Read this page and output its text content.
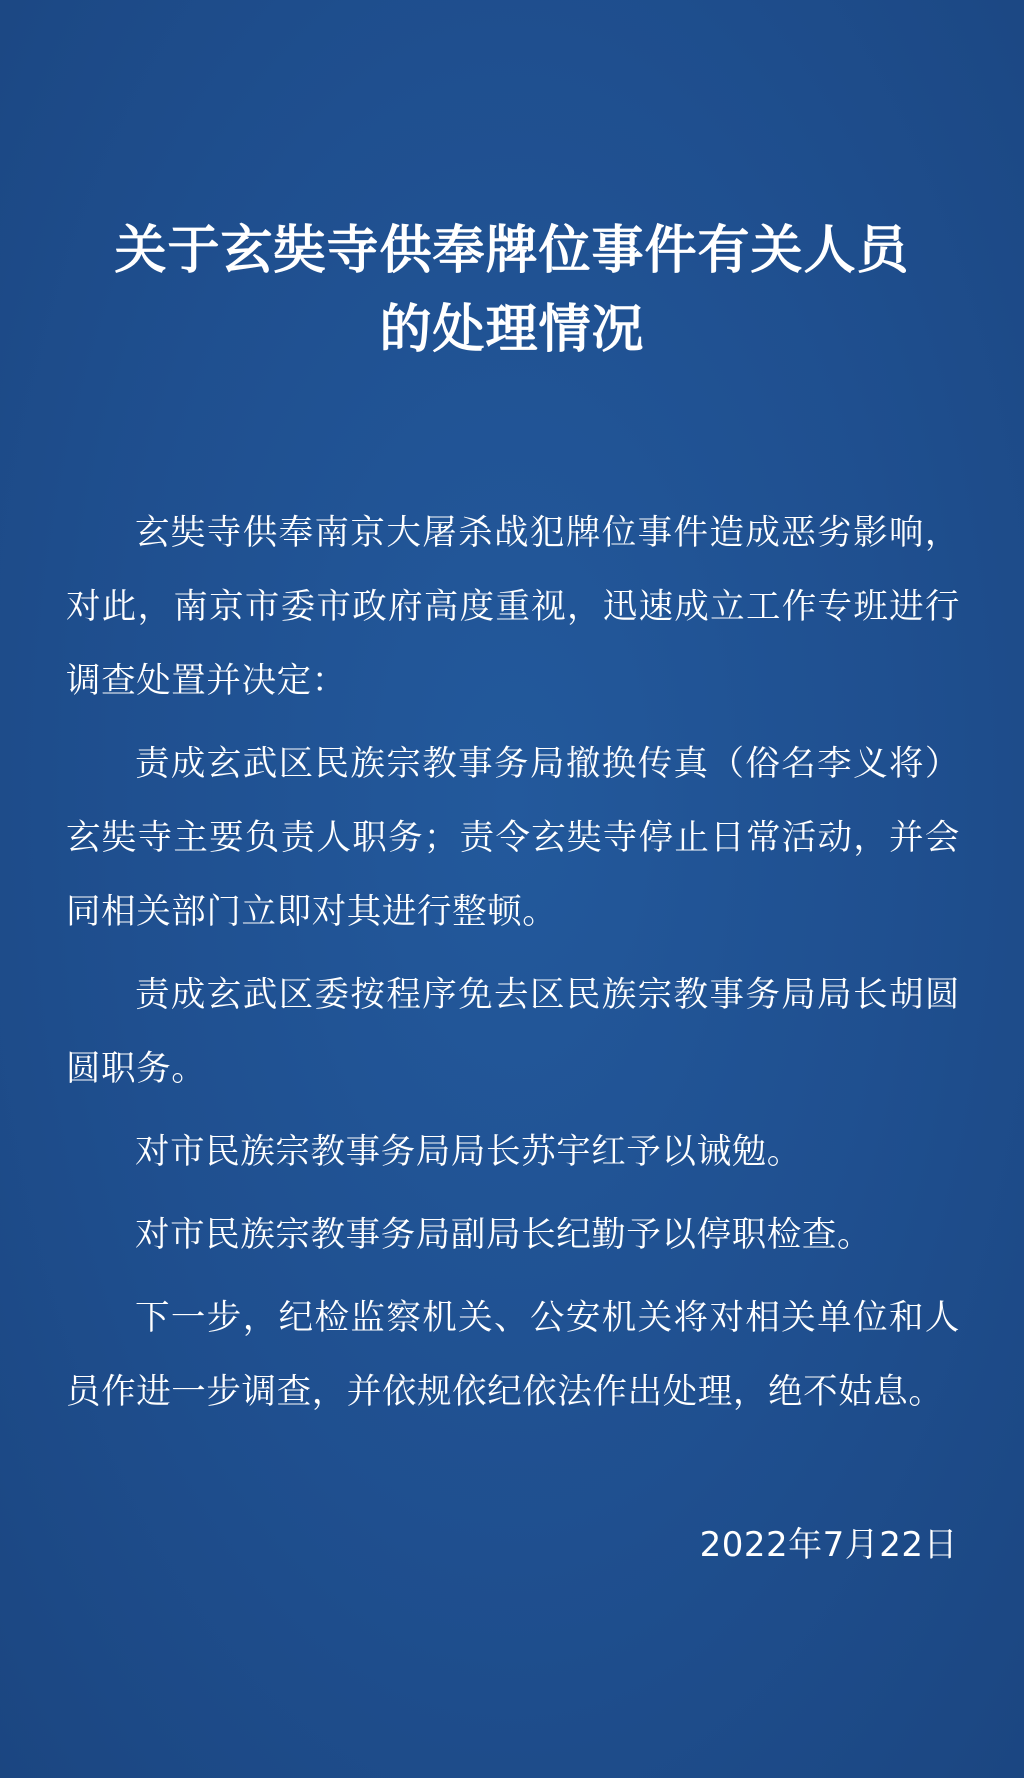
关于玄奘寺供奉牌位事件有关人员
的处理情况

玄奘寺供奉南京大屠杀战犯牌位事件造成恶劣影响，对此，南京市委市政府高度重视，迅速成立工作专班进行调查处置并决定：

责成玄武区民族宗教事务局撤换传真（俗名李义将）玄奘寺主要负责人职务；责令玄奘寺停止日常活动，并会同相关部门立即对其进行整顿。

责成玄武区委按程序免去区民族宗教事务局局长胡圆圆职务。

对市民族宗教事务局局长苏宇红予以诫勉。

对市民族宗教事务局副局长纪勤予以停职检查。

下一步，纪检监察机关、公安机关将对相关单位和人员作进一步调查，并依规依纪依法作出处理，绝不姑息。

2022年7月22日
